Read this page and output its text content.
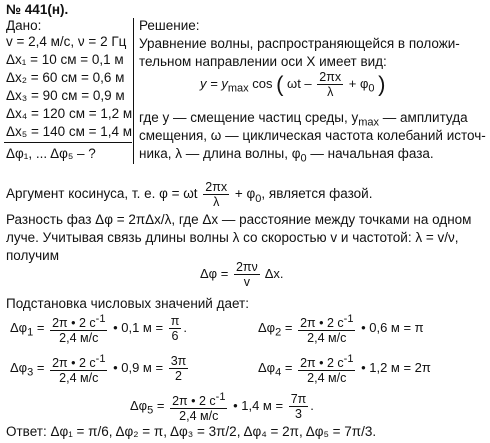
№ 441(н).
Дано:
v = 2,4 м/с, ν = 2 Гц
Δx₁ = 10 см = 0,1 м
Δx₂ = 60 см = 0,6 м
Δx₃ = 90 см = 0,9 м
Δx₄ = 120 см = 1,2 м
Δx₅ = 140 см = 1,4 м
Δφ₁, ... Δφ₅ – ?
Решение:
Уравнение волны, распространяющейся в положи-
тельном направлении оси X имеет вид:
$y = y_{max}$ cos ( $\omega t - \frac{2\pi x}{\lambda} + \varphi_0$ )
где y — смещение частиц среды, $y_{max}$ — амплитуда
смещения, ω — циклическая частота колебаний источ-
ника, λ — длина волны, $\varphi_0$ — начальная фаза.
Аргумент косинуса, т. е. φ = ωt $\frac{2\pi x}{\lambda} + \varphi_0$, является фазой.
Разность фаз Δφ = 2πΔx/λ, где Δx — расстояние между точками на одном
луче. Учитывая связь длины волны λ со скоростью v и частотой: λ = v/ν,
получим
$\Delta\varphi = \frac{2\pi\nu}{v} \Delta x$.
Подстановка числовых значений дает:
$\Delta\varphi_1 = \frac{2\pi • 2 с^{-1}}{2,4 м/с}$ • 0,1 $м = \frac{\pi}{6}$ .	$\Delta\varphi_2 = \frac{2\pi • 2 с^{-1}}{2,4 м/с}$ • 0,6 м = π
$\Delta\varphi_3 = \frac{2\pi • 2 с^{-1}}{2,4 м/с}$ • 0,9 $м = \frac{3\pi}{2}$	$\Delta\varphi_4 = \frac{2\pi • 2 с^{-1}}{2,4 м/с}$ • 1,2 м = 2π
$\Delta\varphi_5 = \frac{2\pi • 2 с^{-1}}{2,4 м/с}$ • 1,4 $м = \frac{7\pi}{3}$ .
Ответ: Δφ₁ = π/6, Δφ₂ = π, Δφ₃ = 3π/2, Δφ₄ = 2π, Δφ₅ = 7π/3.
